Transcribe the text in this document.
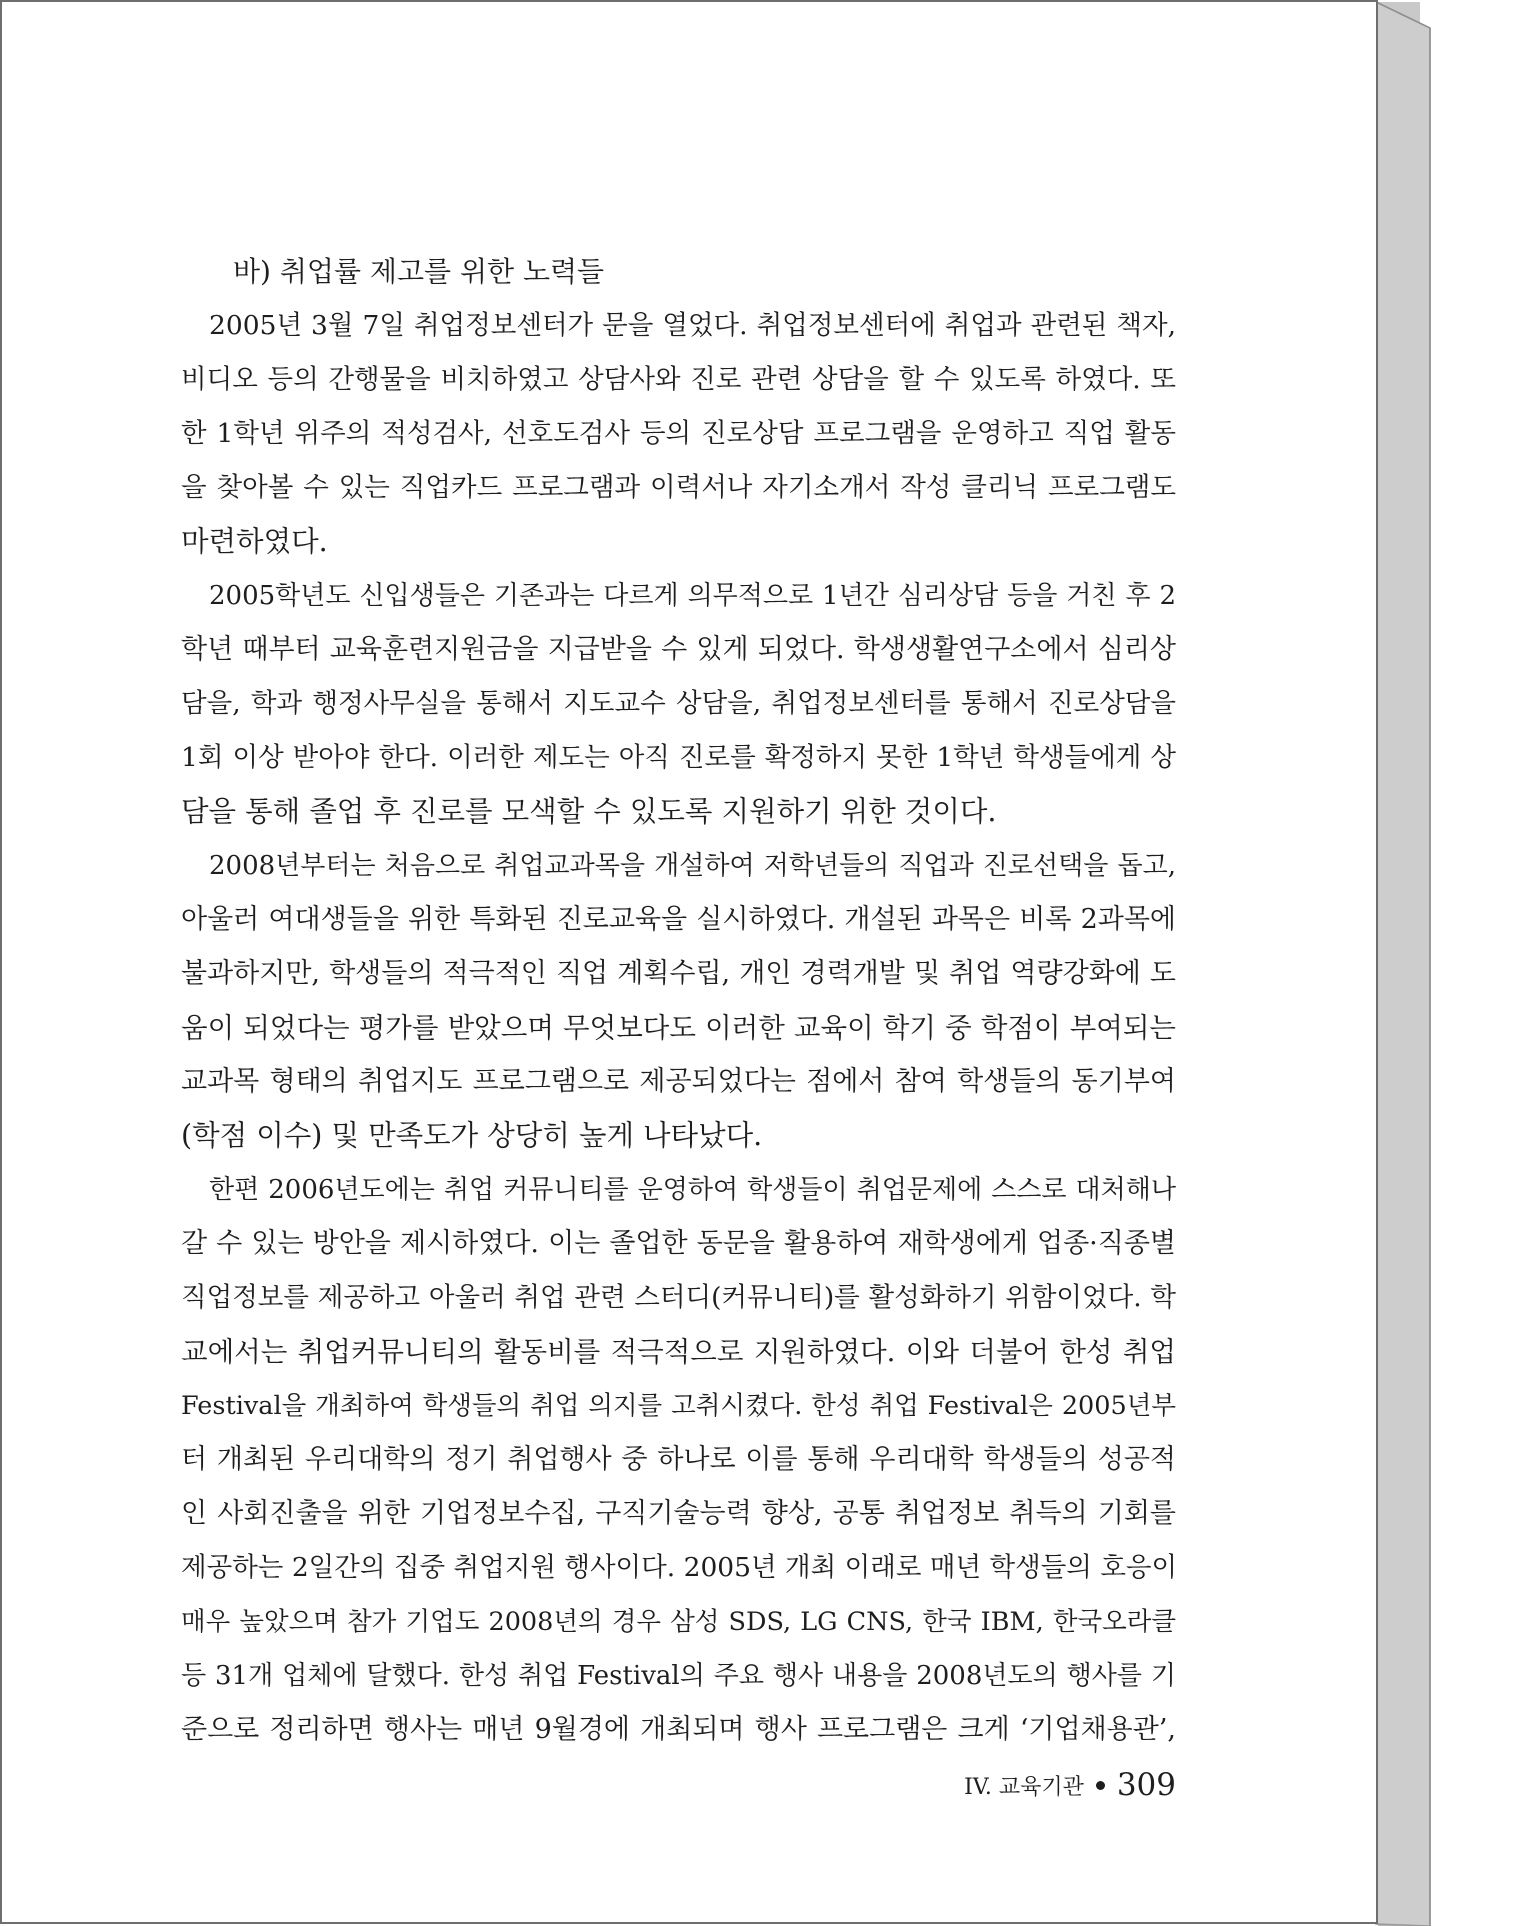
바) 취업률 제고를 위한 노력들
2005년 3월 7일 취업정보센터가 문을 열었다. 취업정보센터에 취업과 관련된 책자,
비디오 등의 간행물을 비치하였고 상담사와 진로 관련 상담을 할 수 있도록 하였다. 또
한 1학년 위주의 적성검사, 선호도검사 등의 진로상담 프로그램을 운영하고 직업 활동
을 찾아볼 수 있는 직업카드 프로그램과 이력서나 자기소개서 작성 클리닉 프로그램도
마련하였다.
2005학년도 신입생들은 기존과는 다르게 의무적으로 1년간 심리상담 등을 거친 후 2
학년 때부터 교육훈련지원금을 지급받을 수 있게 되었다. 학생생활연구소에서 심리상
담을, 학과 행정사무실을 통해서 지도교수 상담을, 취업정보센터를 통해서 진로상담을
1회 이상 받아야 한다. 이러한 제도는 아직 진로를 확정하지 못한 1학년 학생들에게 상
담을 통해 졸업 후 진로를 모색할 수 있도록 지원하기 위한 것이다.
2008년부터는 처음으로 취업교과목을 개설하여 저학년들의 직업과 진로선택을 돕고,
아울러 여대생들을 위한 특화된 진로교육을 실시하였다. 개설된 과목은 비록 2과목에
불과하지만, 학생들의 적극적인 직업 계획수립, 개인 경력개발 및 취업 역량강화에 도
움이 되었다는 평가를 받았으며 무엇보다도 이러한 교육이 학기 중 학점이 부여되는
교과목 형태의 취업지도 프로그램으로 제공되었다는 점에서 참여 학생들의 동기부여
(학점 이수) 및 만족도가 상당히 높게 나타났다.
한편 2006년도에는 취업 커뮤니티를 운영하여 학생들이 취업문제에 스스로 대처해나
갈 수 있는 방안을 제시하였다. 이는 졸업한 동문을 활용하여 재학생에게 업종·직종별
직업정보를 제공하고 아울러 취업 관련 스터디(커뮤니티)를 활성화하기 위함이었다. 학
교에서는 취업커뮤니티의 활동비를 적극적으로 지원하였다. 이와 더불어 한성 취업
Festival을 개최하여 학생들의 취업 의지를 고취시켰다. 한성 취업 Festival은 2005년부
터 개최된 우리대학의 정기 취업행사 중 하나로 이를 통해 우리대학 학생들의 성공적
인 사회진출을 위한 기업정보수집, 구직기술능력 향상, 공통 취업정보 취득의 기회를
제공하는 2일간의 집중 취업지원 행사이다. 2005년 개최 이래로 매년 학생들의 호응이
매우 높았으며 참가 기업도 2008년의 경우 삼성 SDS, LG CNS, 한국 IBM, 한국오라클
등 31개 업체에 달했다. 한성 취업 Festival의 주요 행사 내용을 2008년도의 행사를 기
준으로 정리하면 행사는 매년 9월경에 개최되며 행사 프로그램은 크게 ‘기업채용관’,
IV. 교육기관 309
